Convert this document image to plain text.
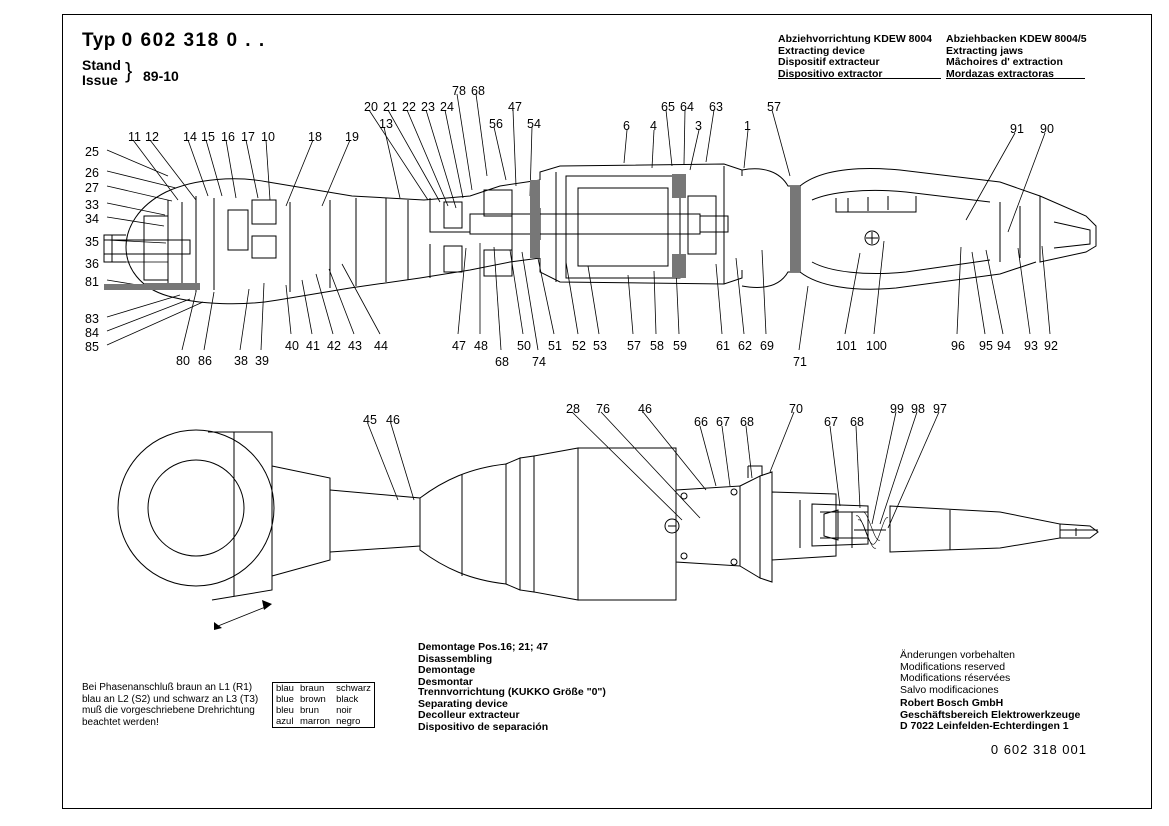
Typ 0 602 318 0 . .
Stand
Issue } 89-10
Abziehvorrichtung KDEW 8004
Extracting device
Dispositif extracteur
Dispositivo extractor
Abziehbacken KDEW 8004/5
Extracting jaws
Mâchoires d' extraction
Mordazas extractoras
25
26
27
33
34
35
36
81
83
84
85
11 12 14 15 16 17 10	18 19
13
20 21 22 23 24
78 68
56
47
54	6 4	3	1
65 64 63	57
91 90
80 86 38 39
40 41 42 43 44	47 48
68
50
74
51 52 53 57 58 59 61 62 69
71
101 100	96 95 94 93 92
45 46
28 76 46
66 67 68
70
67 68
99 98 97
Demontage Pos.16; 21; 47
Disassembling
Demontage
Desmontar
Trennvorrichtung (KUKKO Größe "0")
Separating device
Decolleur extracteur
Dispositivo de separación
Änderungen vorbehalten
Modifications reserved
Modifications réservées
Salvo modificaciones
Robert Bosch GmbH
Geschäftsbereich Elektrowerkzeuge
D 7022 Leinfelden-Echterdingen 1
Bei Phasenanschluß braun an L1 (R1)
blau an L2 (S2) und schwarz an L3 (T3)
muß die vorgeschriebene Drehrichtung
beachtet werden!
blau	braun	schwarz
blue	brown	black
bleu	brun	noir
azul	marron	negro
0 602 318 001
